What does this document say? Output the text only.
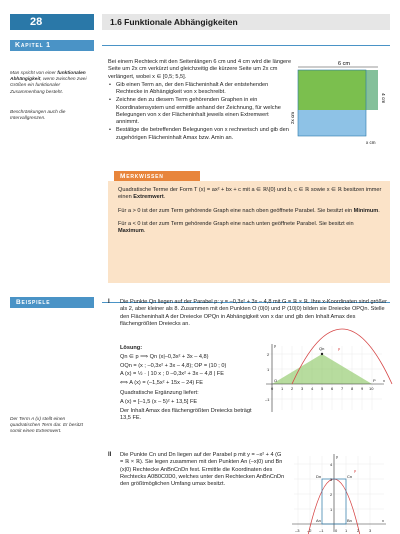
28	1.6 Funktionale Abhängigkeiten
Kapitel 1
Man spricht von einer funktionalen Abhängigkeit, wenn zwischen zwei Größen ein funktionaler Zusammenhang besteht.
Beschränkungen auch die Intervallgrenzen.
Der Term A (x) stellt einen quadratischen Term dar. Er besitzt somit einen Extremwert.

Bei einem Rechteck mit den Seitenlängen 6 cm und 4 cm wird die längere Seite um 2x cm verkürzt und gleichzeitig die kürzere Seite um 2x cm verlängert, wobei x ∈ [0,5; 5,5].

• Gib einen Term an, der den Flächeninhalt A der entstehenden Rechtecke in Abhängigkeit von x beschreibt.
• Zeichne den zu diesem Term gehörenden Graphen in ein Koordinatensystem und ermittle anhand der Zeichnung, für welche Belegungen von x der Flächeninhalt jeweils einen Extremwert annimmt.
• Bestätige die betreffenden Belegungen von x rechnerisch und gib den zugehörigen Flächeninhalt Amax bzw. Amin an.
6 cm
4 cm
2x cm
x cm
Merkwissen

Quadratische Terme der Form T (x) = ax² + bx + c mit a ∈ ℝ\{0} und b, c ∈ ℝ sowie x ∈ ℝ besitzen immer einen Extremwert.

Für a > 0 ist der zum Term gehörende Graph eine nach oben geöffnete Parabel. Sie besitzt ein Minimum.

Für a < 0 ist der zum Term gehörende Graph eine nach unten geöffnete Parabel. Sie besitzt ein Maximum.

Beispiele	I Die Punkte Qn liegen auf der Parabel p: y = –0,3x² + 3x – 4,8 mit G = ℝ × ℝ. Ihre x-Koordinaten sind größer als 2, aber kleiner als 8. Zusammen mit den Punkten O (0|0) und P (10|0) bilden sie Dreiecke OPQn. Stelle den Flächeninhalt A der Dreiecke OPQn in Abhängigkeit von x dar und gib den Inhalt Amax des flächengrößten Dreiecks an.
Lösung:
Qn ∈ p ⟹ Qn (x|–0,3x² + 3x – 4,8)
OQn = (x ; –0,3x² + 3x – 4,8); OP = (10 ; 0)
A (x) = ½ · | 10 x ; 0 –0,3x² + 3x – 4,8 | FE
⟺ A (x) = (–1,5x² + 15x – 24) FE
Quadratische Ergänzung liefert:
A (x) = [–1,5 (x – 5)² + 13,5] FE
Der Inhalt Amax des flächengrößten Dreiecks beträgt 13,5 FE.
0 1 2 3 4 5 6 7 8 9 10
2
1
–1
p
Qn
O	P x
y
II Die Punkte Cn und Dn liegen auf der Parabel p mit y = –x² + 4 (G = ℝ × ℝ). Sie legen zusammen mit den Punkten An (–x|0) und Bn (x|0) Rechtecke AnBnCnDn fest. Ermittle die Koordinaten des Rechtecks A0B0C0D0, welches unter den Rechtecken AnBnCnDn den größtmöglichen Umfang umax besitzt.
–3 –2 –1	0 1 2 3
4
3
2
1
p
Dn	Cn
An	Bn	x
y
